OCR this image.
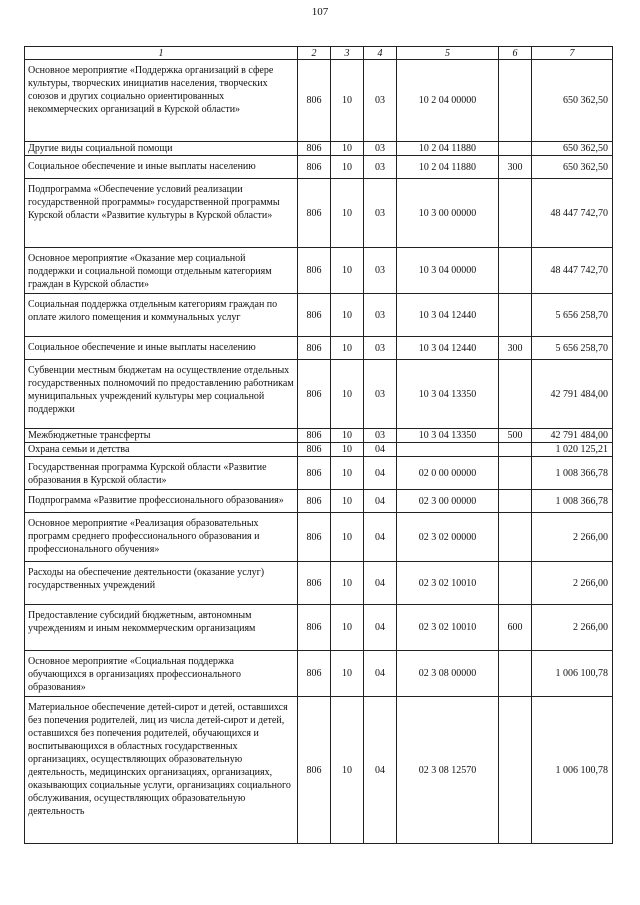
107
1	2	3	4	5	6	7
Основное мероприятие «Поддержка организаций в сфере культуры, творческих инициатив населения, творческих союзов и других социально ориентированных некоммерческих организаций в Курской области»	806	10	03	10 2 04 00000		650 362,50
Другие виды социальной помощи	806	10	03	10 2 04 11880		650 362,50
Социальное обеспечение и иные выплаты населению	806	10	03	10 2 04 11880	300	650 362,50
Подпрограмма «Обеспечение условий реализации государственной программы» государственной программы Курской области «Развитие культуры в Курской области»	806	10	03	10 3 00 00000		48 447 742,70
Основное мероприятие «Оказание мер социальной поддержки и социальной помощи отдельным категориям граждан в Курской области»	806	10	03	10 3 04 00000		48 447 742,70
Социальная поддержка отдельным категориям граждан по оплате жилого помещения и коммунальных услуг	806	10	03	10 3 04 12440		5 656 258,70
Социальное обеспечение и иные выплаты населению	806	10	03	10 3 04 12440	300	5 656 258,70
Субвенции местным бюджетам на осуществление отдельных государственных полномочий по предоставлению работникам муниципальных учреждений культуры мер социальной поддержки	806	10	03	10 3 04 13350		42 791 484,00
Межбюджетные трансферты	806	10	03	10 3 04 13350	500	42 791 484,00
Охрана семьи и детства	806	10	04			1 020 125,21
Государственная программа Курской области «Развитие образования в Курской области»	806	10	04	02 0 00 00000		1 008 366,78
Подпрограмма «Развитие профессионального образования»	806	10	04	02 3 00 00000		1 008 366,78
Основное мероприятие «Реализация образовательных программ среднего профессионального образования и профессионального обучения»	806	10	04	02 3 02 00000		2 266,00
Расходы на обеспечение деятельности (оказание услуг) государственных учреждений	806	10	04	02 3 02 10010		2 266,00
Предоставление субсидий бюджетным, автономным учреждениям и иным некоммерческим организациям	806	10	04	02 3 02 10010	600	2 266,00
Основное мероприятие «Социальная поддержка обучающихся в организациях профессионального образования»	806	10	04	02 3 08 00000		1 006 100,78
Материальное обеспечение детей-сирот и детей, оставшихся без попечения родителей, лиц из числа детей-сирот и детей, оставшихся без попечения родителей, обучающихся и воспитывающихся в областных государственных организациях, осуществляющих образовательную деятельность, медицинских организациях, организациях, оказывающих социальные услуги, организациях социального обслуживания, осуществляющих образовательную деятельность	806	10	04	02 3 08 12570		1 006 100,78
